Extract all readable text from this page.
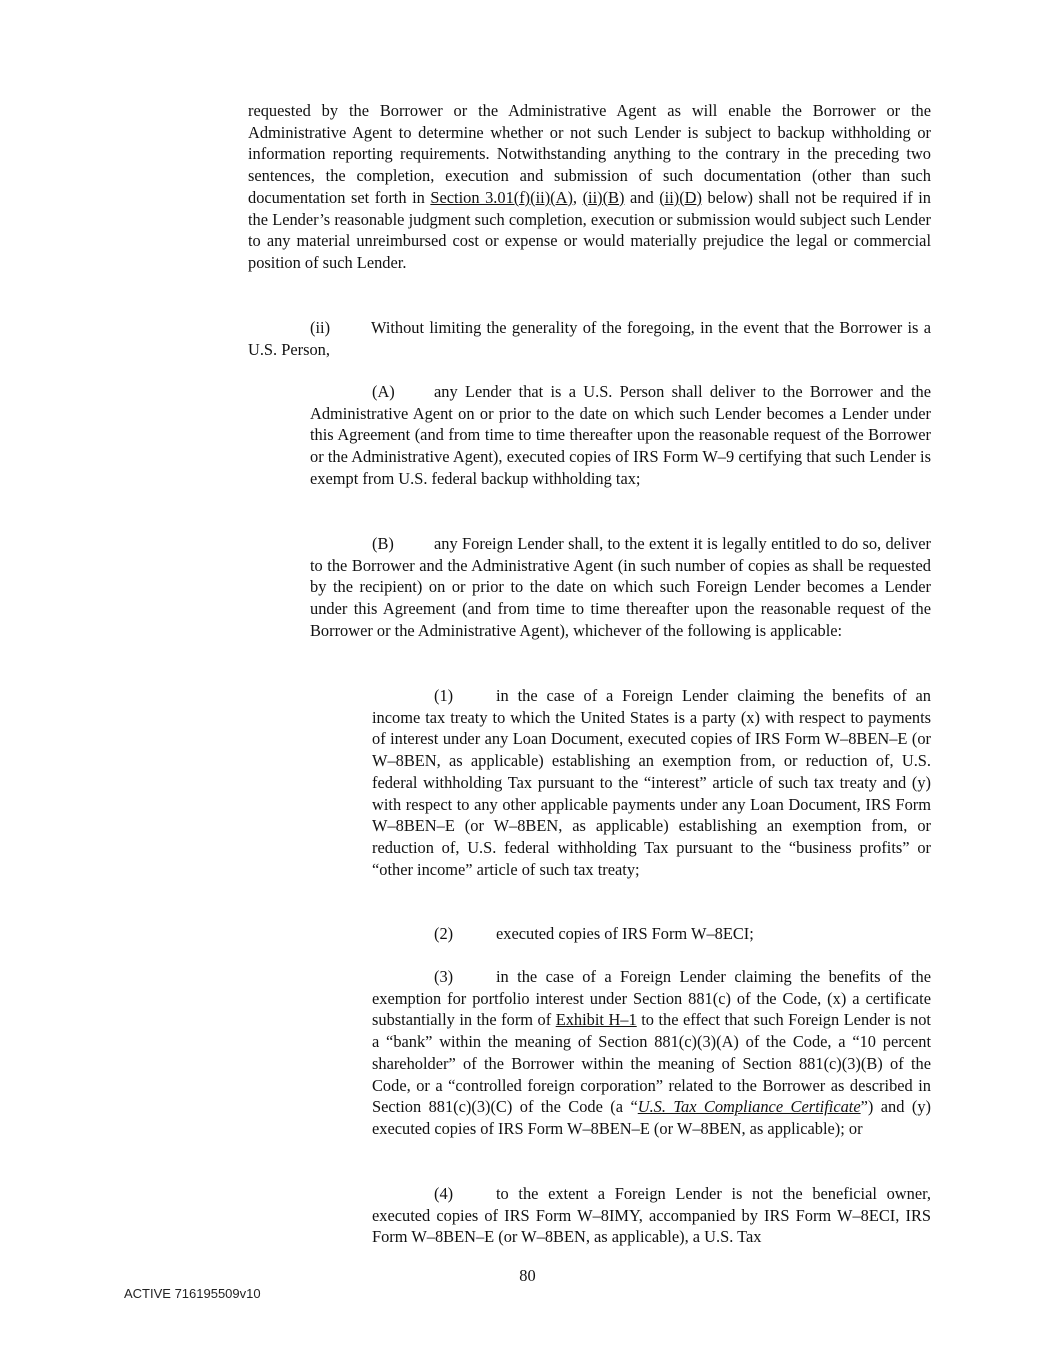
requested by the Borrower or the Administrative Agent as will enable the Borrower or the Administrative Agent to determine whether or not such Lender is subject to backup withholding or information reporting requirements. Notwithstanding anything to the contrary in the preceding two sentences, the completion, execution and submission of such documentation (other than such documentation set forth in Section 3.01(f)(ii)(A), (ii)(B) and (ii)(D) below) shall not be required if in the Lender’s reasonable judgment such completion, execution or submission would subject such Lender to any material unreimbursed cost or expense or would materially prejudice the legal or commercial position of such Lender.

(ii) Without limiting the generality of the foregoing, in the event that the Borrower is a U.S. Person,

(A) any Lender that is a U.S. Person shall deliver to the Borrower and the Administrative Agent on or prior to the date on which such Lender becomes a Lender under this Agreement (and from time to time thereafter upon the reasonable request of the Borrower or the Administrative Agent), executed copies of IRS Form W–9 certifying that such Lender is exempt from U.S. federal backup withholding tax;

(B) any Foreign Lender shall, to the extent it is legally entitled to do so, deliver to the Borrower and the Administrative Agent (in such number of copies as shall be requested by the recipient) on or prior to the date on which such Foreign Lender becomes a Lender under this Agreement (and from time to time thereafter upon the reasonable request of the Borrower or the Administrative Agent), whichever of the following is applicable:

(1)	in the case of a Foreign Lender claiming the benefits of an income tax treaty to which the United States is a party (x) with respect to payments of interest under any Loan Document, executed copies of IRS Form W–8BEN–E (or W–8BEN, as applicable) establishing an exemption from, or reduction of, U.S. federal withholding Tax pursuant to the “interest” article of such tax treaty and (y) with respect to any other applicable payments under any Loan Document, IRS Form W–8BEN–E (or W–8BEN, as applicable) establishing an exemption from, or reduction of, U.S. federal withholding Tax pursuant to the “business profits” or “other income” article of such tax treaty;

(2)	executed copies of IRS Form W–8ECI;

(3)	in the case of a Foreign Lender claiming the benefits of the exemption for portfolio interest under Section 881(c) of the Code, (x) a certificate substantially in the form of Exhibit H–1 to the effect that such Foreign Lender is not a “bank” within the meaning of Section 881(c)(3)(A) of the Code, a “10 percent shareholder” of the Borrower within the meaning of Section 881(c)(3)(B) of the Code, or a “controlled foreign corporation” related to the Borrower as described in Section 881(c)(3)(C) of the Code (a “U.S. Tax Compliance Certificate”) and (y) executed copies of IRS Form W–8BEN–E (or W–8BEN, as applicable); or

(4)	to the extent a Foreign Lender is not the beneficial owner, executed copies of IRS Form W–8IMY, accompanied by IRS Form W–8ECI, IRS Form W–8BEN–E (or W–8BEN, as applicable), a U.S. Tax

80
ACTIVE 716195509v10
